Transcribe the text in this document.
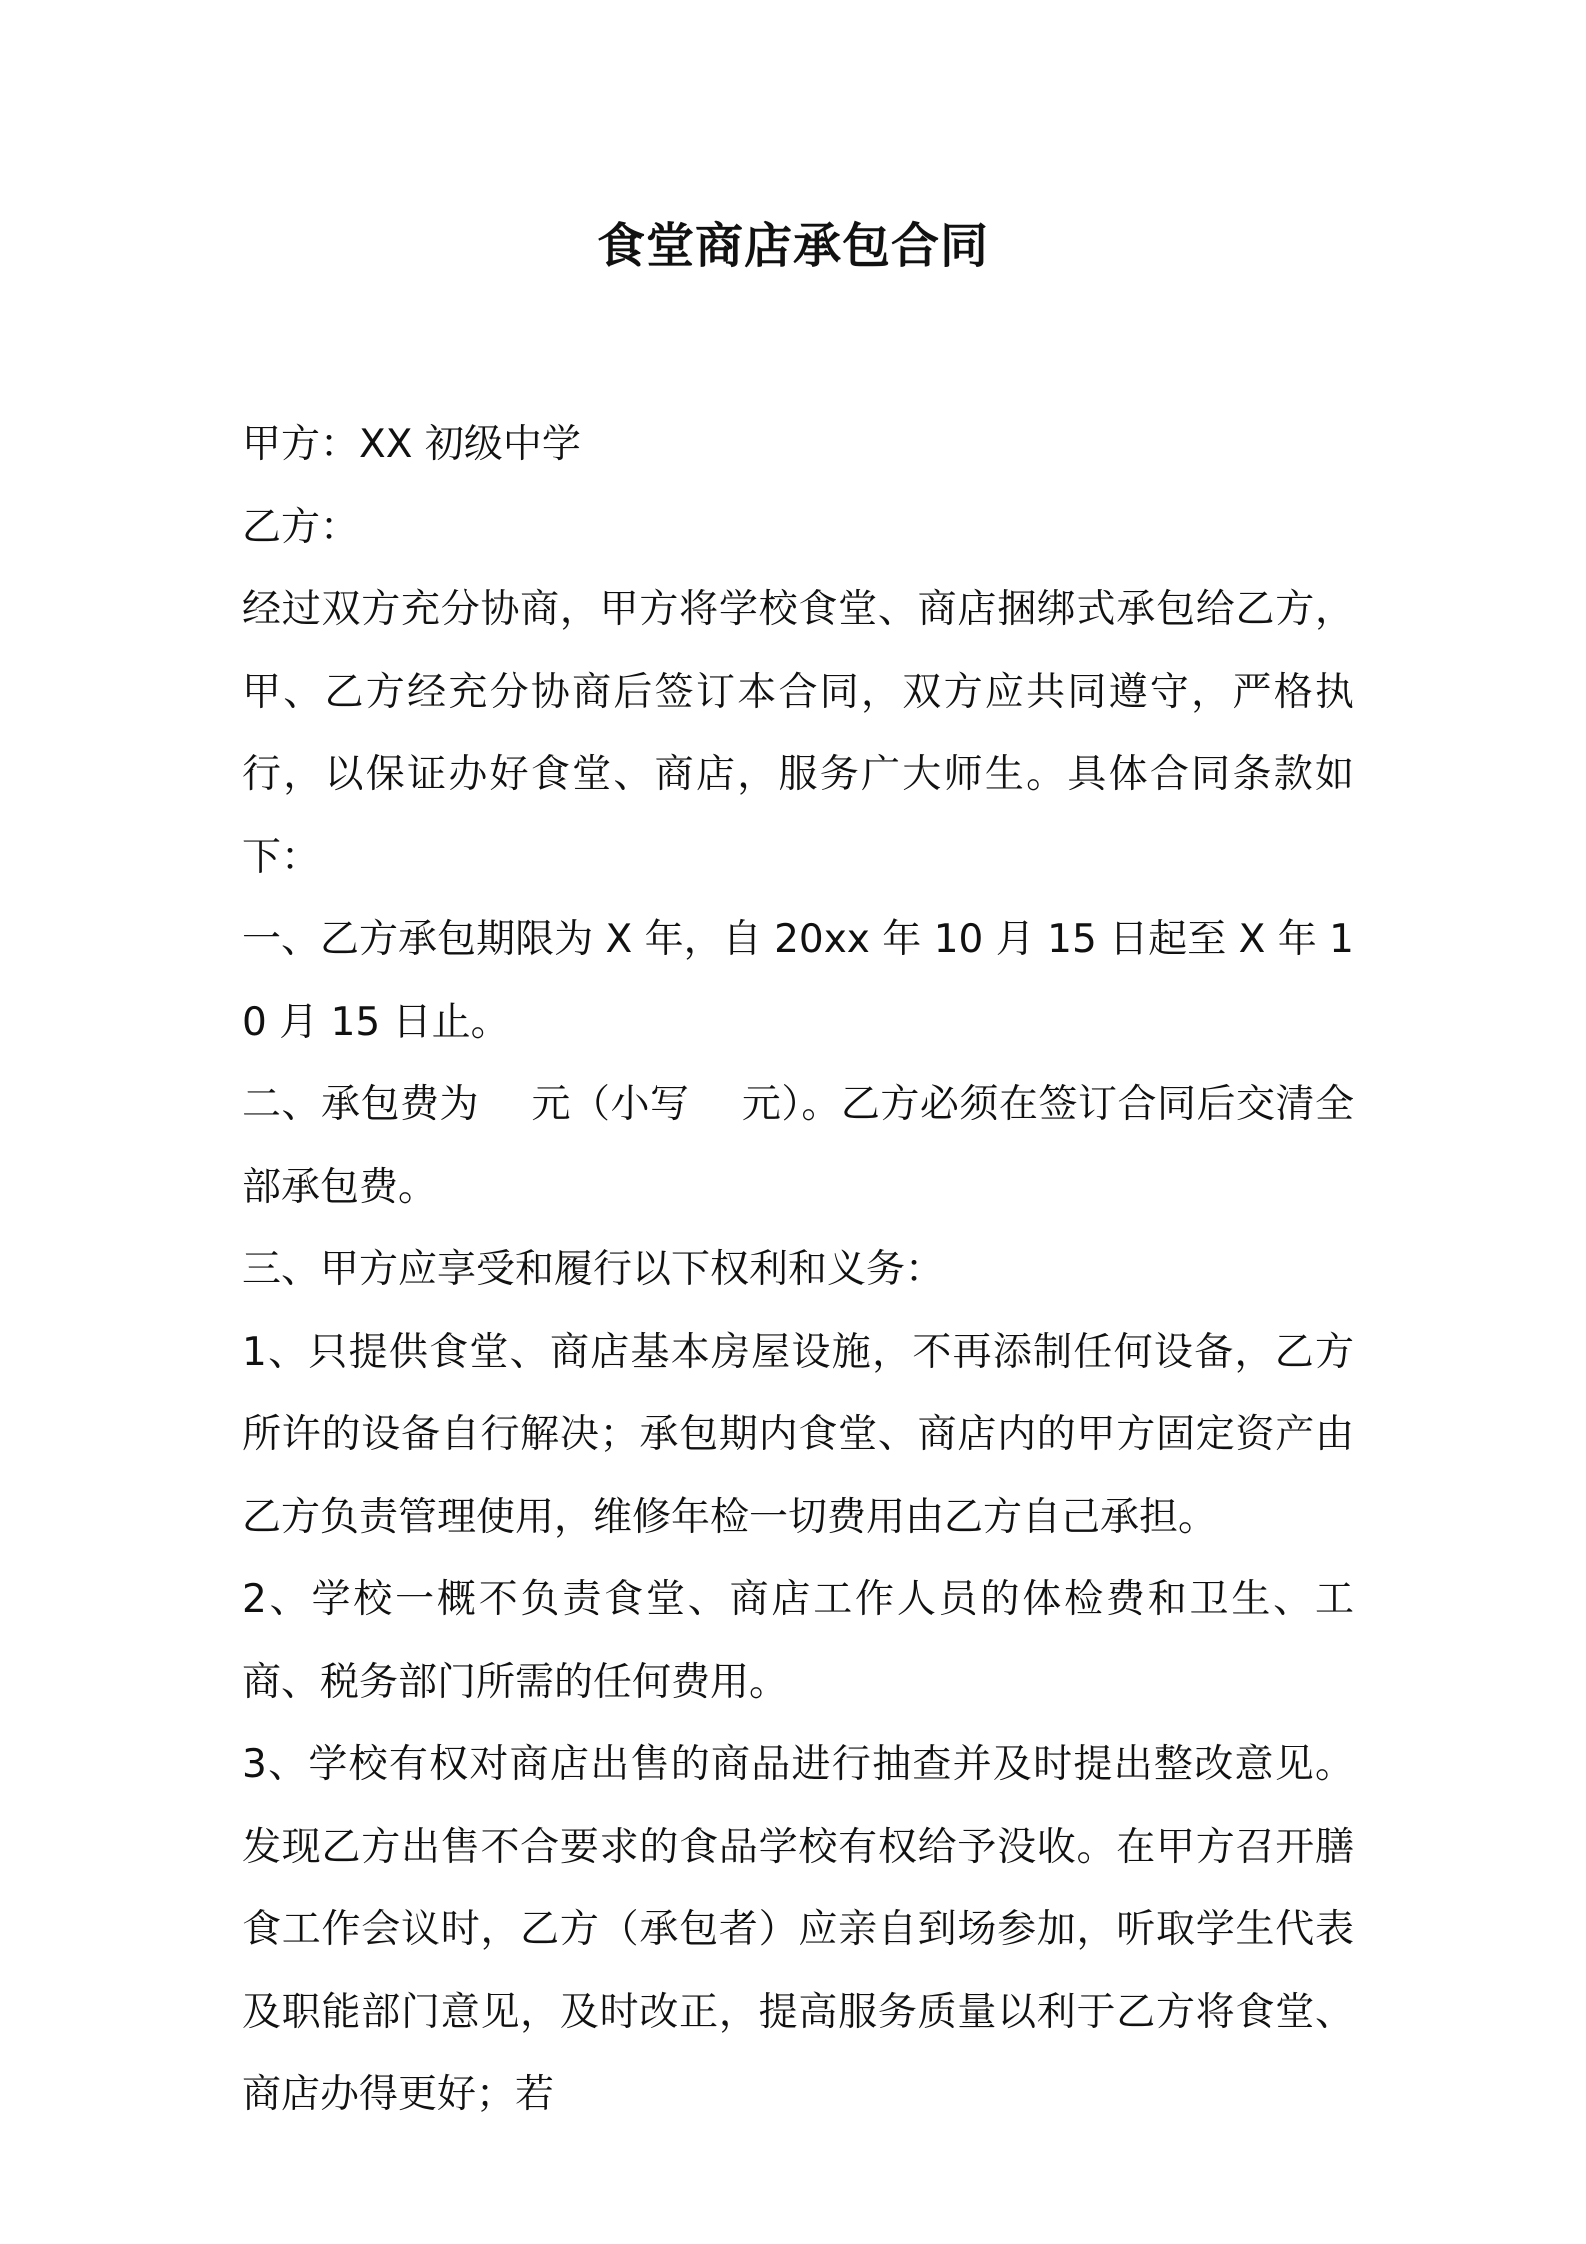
食堂商店承包合同

甲方：XX 初级中学

乙方：

经过双方充分协商，甲方将学校食堂、商店捆绑式承包给乙方，甲、乙方经充分协商后签订本合同，双方应共同遵守，严格执行，以保证办好食堂、商店，服务广大师生。具体合同条款如下：

一、乙方承包期限为 X 年，自 20xx 年 10 月 15 日起至 X 年 10 月 15 日止。

二、承包费为　 元（小写　 元）。乙方必须在签订合同后交清全部承包费。

三、甲方应享受和履行以下权利和义务：

1、只提供食堂、商店基本房屋设施，不再添制任何设备，乙方所许的设备自行解决；承包期内食堂、商店内的甲方固定资产由乙方负责管理使用，维修年检一切费用由乙方自己承担。

2、学校一概不负责食堂、商店工作人员的体检费和卫生、工商、税务部门所需的任何费用。

3、学校有权对商店出售的商品进行抽查并及时提出整改意见。发现乙方出售不合要求的食品学校有权给予没收。在甲方召开膳食工作会议时，乙方（承包者）应亲自到场参加，听取学生代表及职能部门意见，及时改正，提高服务质量以利于乙方将食堂、商店办得更好；若
